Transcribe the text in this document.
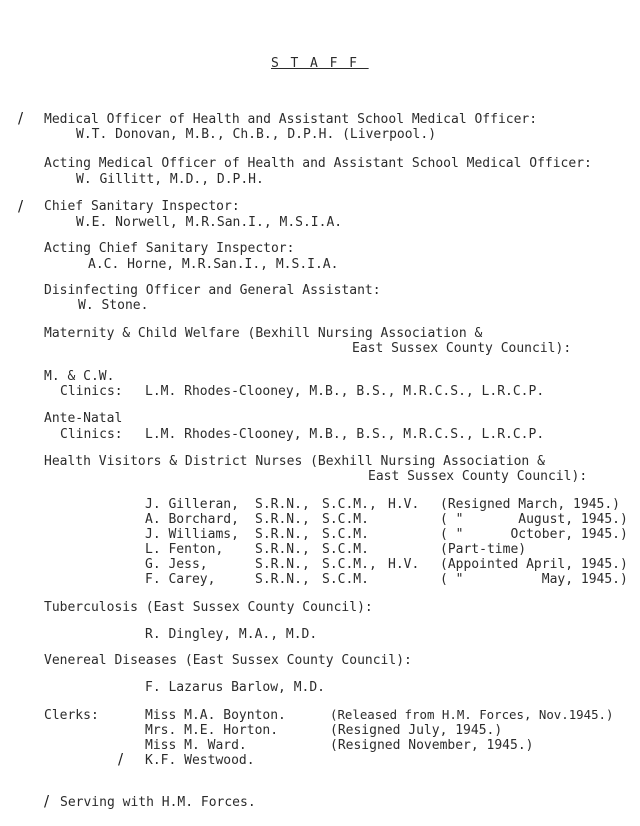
STAFF
/ Medical Officer of Health and Assistant School Medical Officer:
W.T. Donovan, M.B., Ch.B., D.P.H. (Liverpool.)
Acting Medical Officer of Health and Assistant School Medical Officer:
W. Gillitt, M.D., D.P.H.
/ Chief Sanitary Inspector:
W.E. Norwell, M.R.San.I., M.S.I.A.
Acting Chief Sanitary Inspector:
A.C. Horne, M.R.San.I., M.S.I.A.
Disinfecting Officer and General Assistant:
W. Stone.
Maternity & Child Welfare (Bexhill Nursing Association &
East Sussex County Council):
M. & C.W.
Clinics: L.M. Rhodes-Clooney, M.B., B.S., M.R.C.S., L.R.C.P.
Ante-Natal
Clinics: L.M. Rhodes-Clooney, M.B., B.S., M.R.C.S., L.R.C.P.
Health Visitors & District Nurses (Bexhill Nursing Association &
East Sussex County Council):
J. Gilleran, S.R.N., S.C.M., H.V. (Resigned March, 1945.)
A. Borchard, S.R.N., S.C.M.	( "       August, 1945.)
J. Williams, S.R.N., S.C.M.	( "      October, 1945.)
L. Fenton, S.R.N., S.C.M.	(Part-time)
G. Jess,	S.R.N., S.C.M., H.V. (Appointed April, 1945.)
F. Carey,	S.R.N., S.C.M.	( "          May, 1945.)
Tuberculosis (East Sussex County Council):
R. Dingley, M.A., M.D.
Venereal Diseases (East Sussex County Council):
F. Lazarus Barlow, M.D.
Clerks:	Miss M.A. Boynton.	(Released from H.M. Forces, Nov.1945.)
Mrs. M.E. Horton.	(Resigned July, 1945.)
Miss M. Ward.	(Resigned November, 1945.)
/ K.F. Westwood.
/ Serving with H.M. Forces.
